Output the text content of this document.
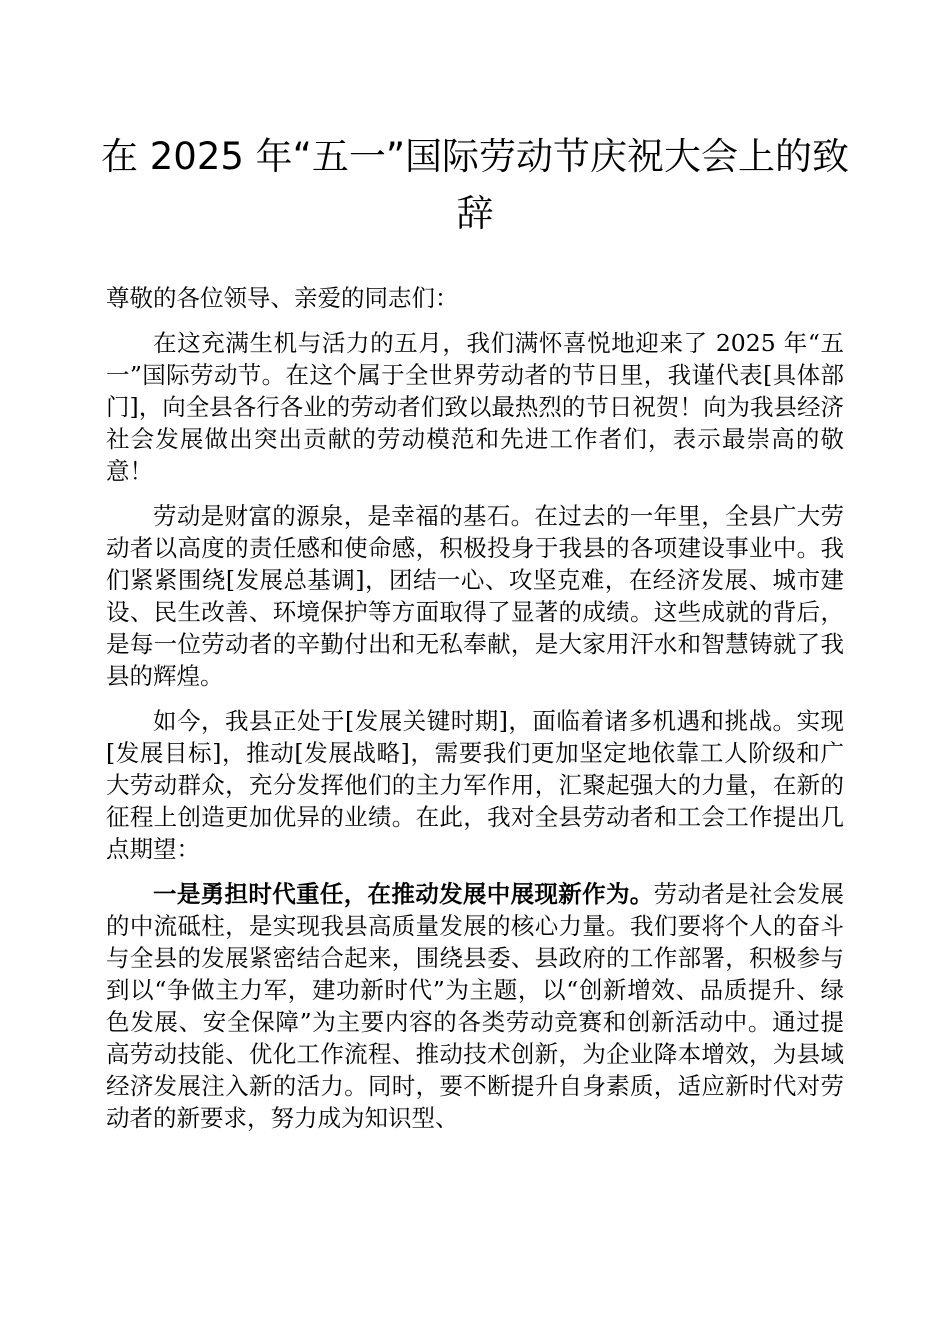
在 2025 年“五一”国际劳动节庆祝大会上的致辞

尊敬的各位领导、亲爱的同志们：

在这充满生机与活力的五月，我们满怀喜悦地迎来了 2025 年“五一”国际劳动节。在这个属于全世界劳动者的节日里，我谨代表[具体部门]，向全县各行各业的劳动者们致以最热烈的节日祝贺！向为我县经济社会发展做出突出贡献的劳动模范和先进工作者们，表示最崇高的敬意！

劳动是财富的源泉，是幸福的基石。在过去的一年里，全县广大劳动者以高度的责任感和使命感，积极投身于我县的各项建设事业中。我们紧紧围绕[发展总基调]，团结一心、攻坚克难，在经济发展、城市建设、民生改善、环境保护等方面取得了显著的成绩。这些成就的背后，是每一位劳动者的辛勤付出和无私奉献，是大家用汗水和智慧铸就了我县的辉煌。

如今，我县正处于[发展关键时期]，面临着诸多机遇和挑战。实现[发展目标]，推动[发展战略]，需要我们更加坚定地依靠工人阶级和广大劳动群众，充分发挥他们的主力军作用，汇聚起强大的力量，在新的征程上创造更加优异的业绩。在此，我对全县劳动者和工会工作提出几点期望：

一是勇担时代重任，在推动发展中展现新作为。劳动者是社会发展的中流砥柱，是实现我县高质量发展的核心力量。我们要将个人的奋斗与全县的发展紧密结合起来，围绕县委、县政府的工作部署，积极参与到以“争做主力军，建功新时代”为主题，以“创新增效、品质提升、绿色发展、安全保障”为主要内容的各类劳动竞赛和创新活动中。通过提高劳动技能、优化工作流程、推动技术创新，为企业降本增效，为县域经济发展注入新的活力。同时，要不断提升自身素质，适应新时代对劳动者的新要求，努力成为知识型、
